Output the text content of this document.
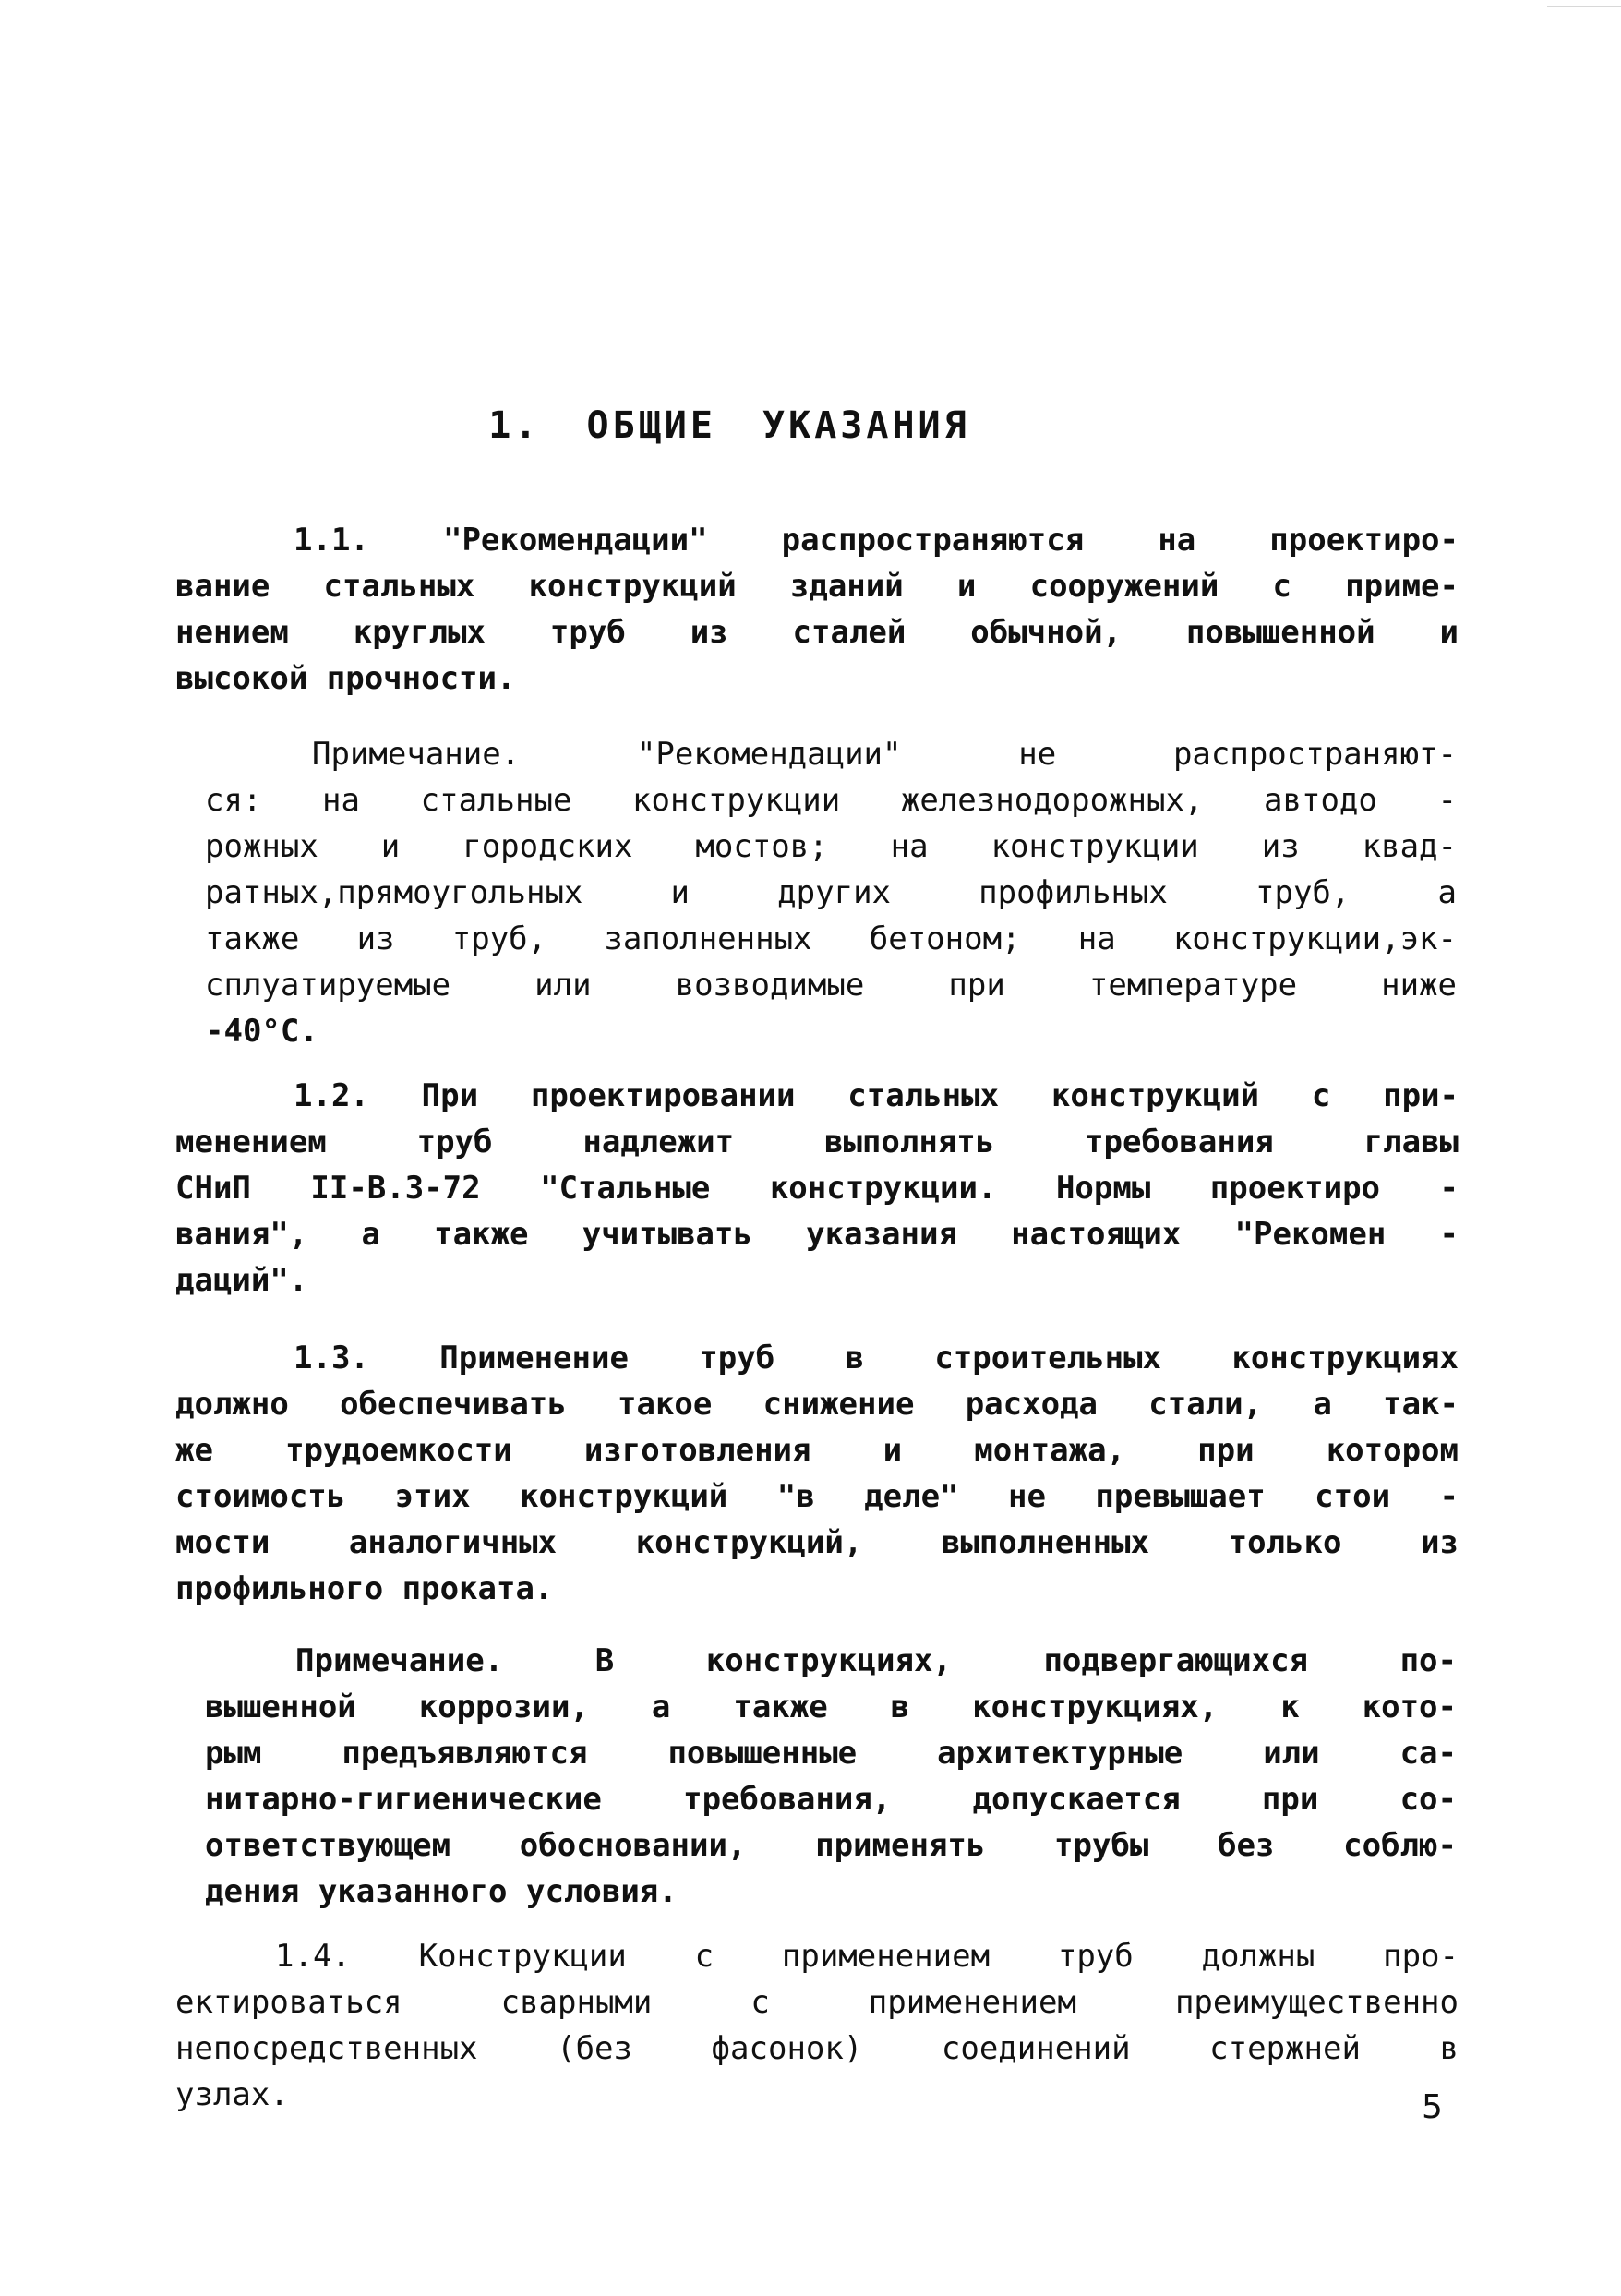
1. ОБЩИЕ УКАЗАНИЯ
1.1. "Рекомендации" распространяются на проектиро-
вание стальных конструкций зданий и сооружений с приме-
нением круглых труб из сталей обычной, повышенной и
высокой прочности.
Примечание. "Рекомендации" не распространяют-
ся: на стальные конструкции железнодорожных, автодо -
рожных и городских мостов; на конструкции из квад-
ратных,прямоугольных и других профильных труб, а
также из труб, заполненных бетоном; на конструкции,эк-
сплуатируемые или возводимые при температуре ниже
-40°С.
1.2. При проектировании стальных конструкций с при-
менением труб надлежит выполнять требования главы
СНиП II-В.3-72 "Стальные конструкции. Нормы проектиро -
вания", а также учитывать указания настоящих "Рекомен -
даций".
1.3. Применение труб в строительных конструкциях
должно обеспечивать такое снижение расхода стали, а так-
же трудоемкости изготовления и монтажа, при котором
стоимость этих конструкций "в деле" не превышает стои -
мости аналогичных конструкций, выполненных только из
профильного проката.
Примечание. В конструкциях, подвергающихся по-
вышенной коррозии, а также в конструкциях, к кото-
рым предъявляются повышенные архитектурные или са-
нитарно-гигиенические требования, допускается при со-
ответствующем обосновании, применять трубы без соблю-
дения указанного условия.
1.4. Конструкции с применением труб должны про-
ектироваться сварными с применением преимущественно
непосредственных (без фасонок) соединений стержней в
узлах.	5
